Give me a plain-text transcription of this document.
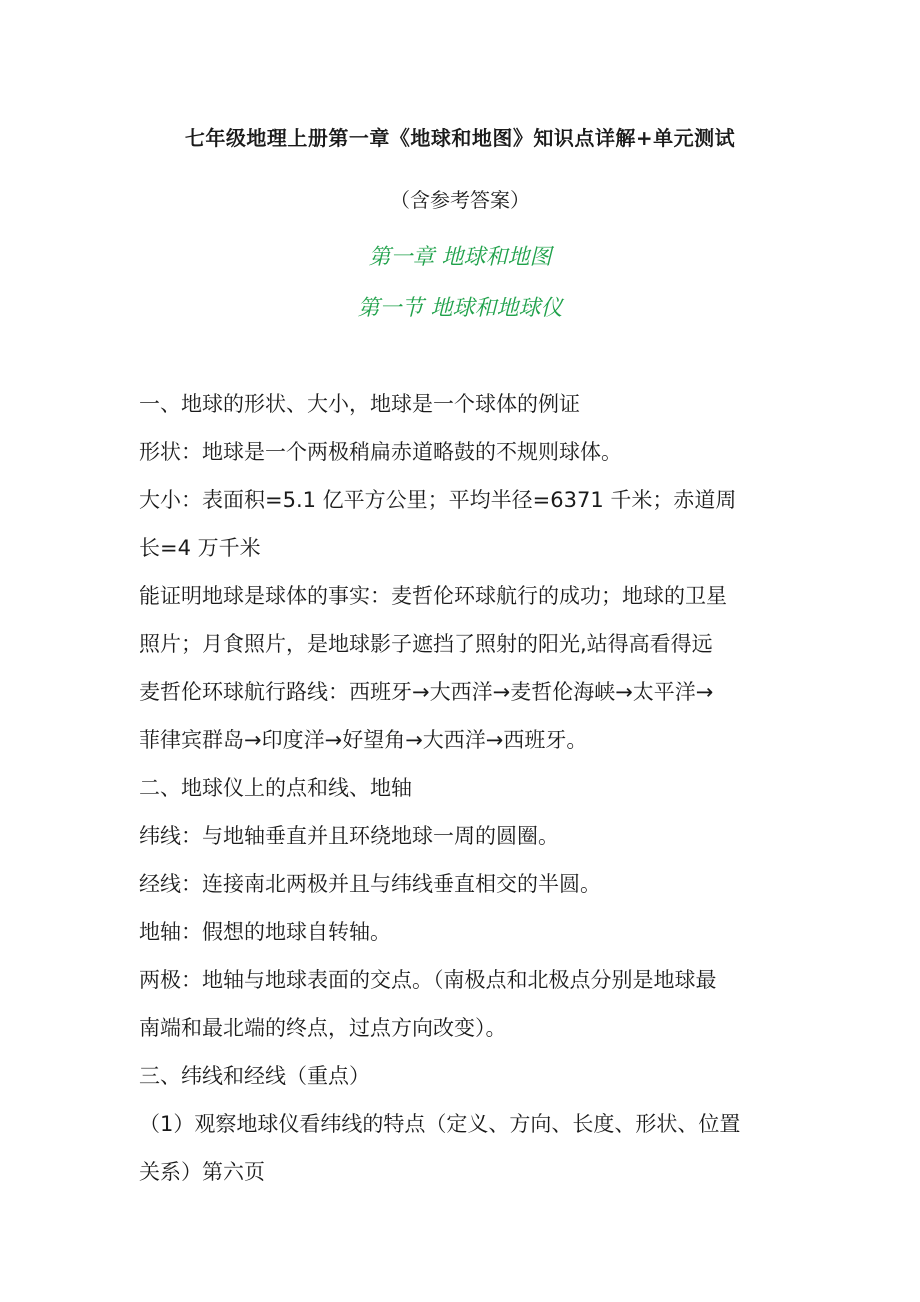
七年级地理上册第一章《地球和地图》知识点详解+单元测试
（含参考答案）
第一章 地球和地图
第一节 地球和地球仪
一、地球的形状、大小，地球是一个球体的例证
形状：地球是一个两极稍扁赤道略鼓的不规则球体。
大小：表面积=5.1 亿平方公里；平均半径=6371 千米；赤道周
长=4 万千米
能证明地球是球体的事实：麦哲伦环球航行的成功；地球的卫星
照片；月食照片，是地球影子遮挡了照射的阳光,站得高看得远
麦哲伦环球航行路线：西班牙→大西洋→麦哲伦海峡→太平洋→
菲律宾群岛→印度洋→好望角→大西洋→西班牙。
二、地球仪上的点和线、地轴
纬线：与地轴垂直并且环绕地球一周的圆圈。
经线：连接南北两极并且与纬线垂直相交的半圆。
地轴：假想的地球自转轴。
两极：地轴与地球表面的交点。（南极点和北极点分别是地球最
南端和最北端的终点，过点方向改变）。
三、纬线和经线（重点）
（1）观察地球仪看纬线的特点（定义、方向、长度、形状、位置
关系）第六页
